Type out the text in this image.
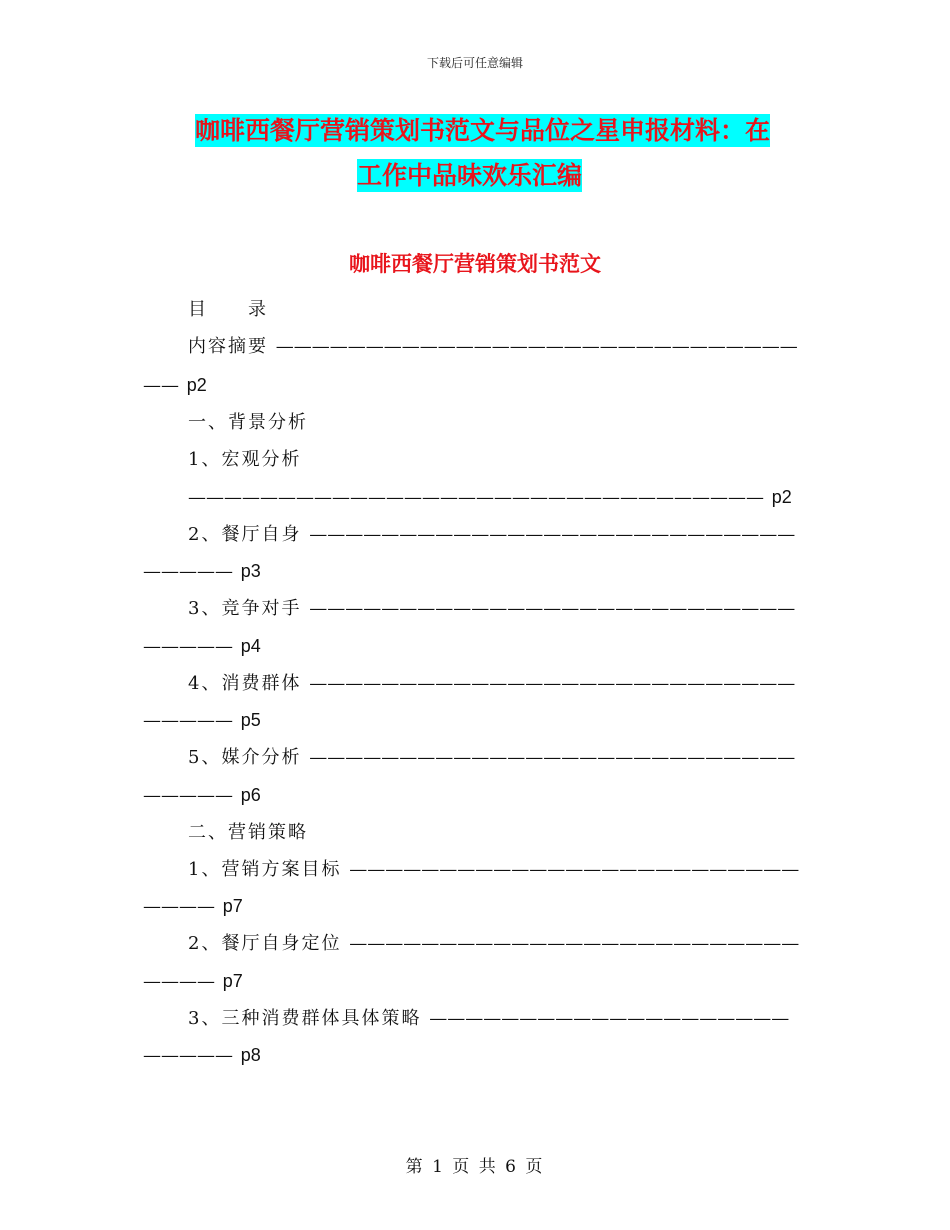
下载后可任意编辑
咖啡西餐厅营销策划书范文与品位之星申报材料：在
工作中品味欢乐汇编
咖啡西餐厅营销策划书范文
目　　录
内容摘要 —————————————————————————————
—— p2
一、背景分析
1、宏观分析
———————————————————————————————— p2
2、餐厅自身 ———————————————————————————
————— p3
3、竞争对手 ———————————————————————————
————— p4
4、消费群体 ———————————————————————————
————— p5
5、媒介分析 ———————————————————————————
————— p6
二、营销策略
1、营销方案目标 —————————————————————————
———— p7
2、餐厅自身定位 —————————————————————————
———— p7
3、三种消费群体具体策略 ————————————————————
————— p8
第 1 页 共 6 页
